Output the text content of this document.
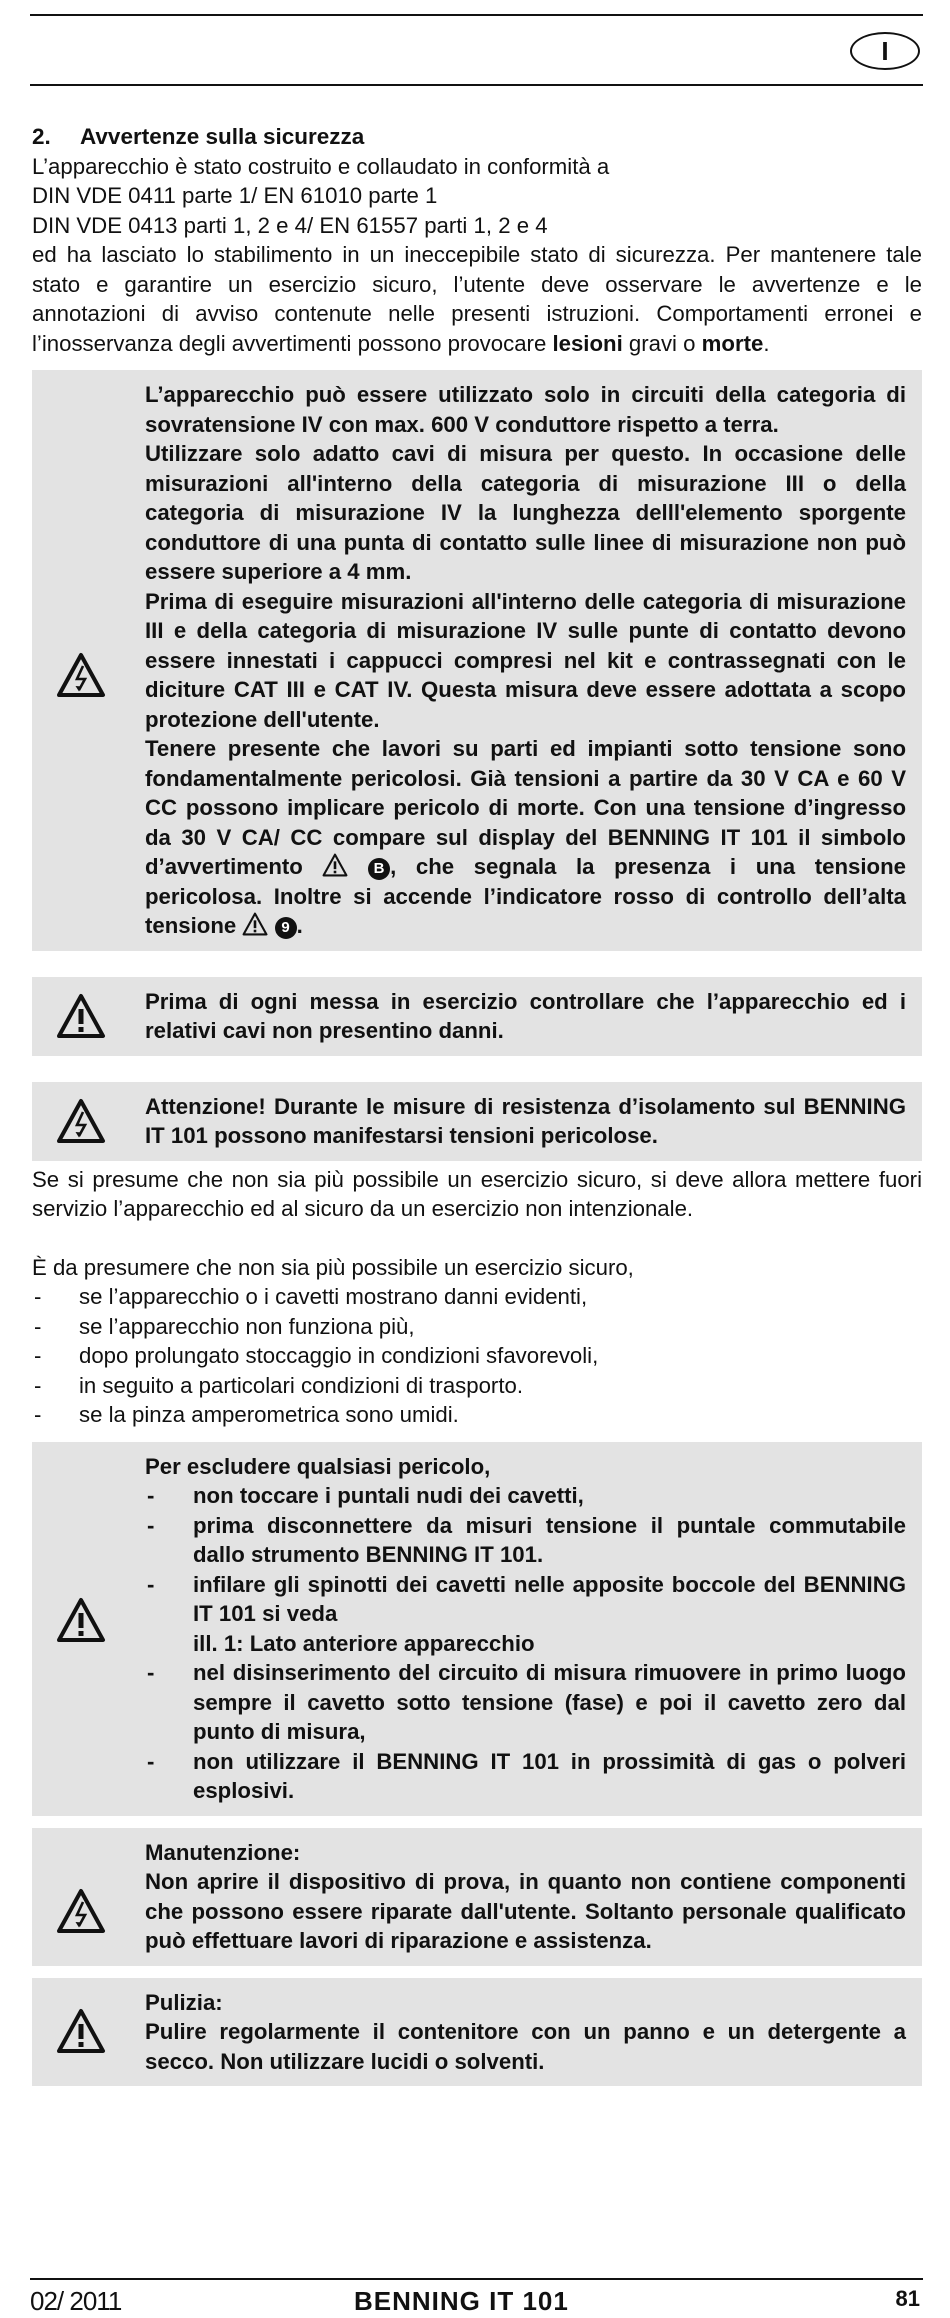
I
2. Avvertenze sulla sicurezza

L’apparecchio è stato costruito e collaudato in conformità a

DIN VDE 0411 parte 1/ EN 61010 parte 1

DIN VDE 0413 parti 1, 2 e 4/ EN 61557 parti 1, 2 e 4

ed ha lasciato lo stabilimento in un ineccepibile stato di sicurezza. Per mantenere tale stato e garantire un esercizio sicuro, l’utente deve osservare le avvertenze e le annotazioni di avviso contenute nelle presenti istruzioni. Comportamenti erronei e l’inosservanza degli avvertimenti possono provocare lesioni gravi o morte.

L’apparecchio può essere utilizzato solo in circuiti della categoria di sovratensione IV con max. 600 V conduttore rispetto a terra.

Utilizzare solo adatto cavi di misura per questo. In occasione delle misurazioni all'interno della categoria di misurazione III o della categoria di misurazione IV la lunghezza delll'elemento sporgente conduttore di una punta di contatto sulle linee di misurazione non può essere superiore a 4 mm.

Prima di eseguire misurazioni all'interno delle categoria di misurazione III e della categoria di misurazione IV sulle punte di contatto devono essere innestati i cappucci compresi nel kit e contrassegnati con le diciture CAT III e CAT IV. Questa misura deve essere adottata a scopo protezione dell'utente.

Tenere presente che lavori su parti ed impianti sotto tensione sono fondamentalmente pericolosi. Già tensioni a partire da 30 V CA e 60 V CC possono implicare pericolo di morte. Con una tensione d’ingresso da 30 V CA/ CC compare sul display del BENNING IT 101 il simbolo d’avvertimento	B , che segnala la presenza i una tensione pericolosa. Inoltre si accende l’indicatore rosso di controllo dell’alta tensione	9 .

Prima di ogni messa in esercizio controllare che l’apparecchio ed i relativi cavi non presentino danni.

Attenzione! Durante le misure di resistenza d’isolamento sul BENNING IT 101 possono manifestarsi tensioni pericolose.

Se si presume che non sia più possibile un esercizio sicuro, si deve allora mettere fuori servizio l’apparecchio ed al sicuro da un esercizio non intenzionale.

È da presumere che non sia più possibile un esercizio sicuro,

- se l’apparecchio o i cavetti mostrano danni evidenti,
- se l’apparecchio non funziona più,
- dopo prolungato stoccaggio in condizioni sfavorevoli,
- in seguito a particolari condizioni di trasporto.
- se la pinza amperometrica sono umidi.

Per escludere qualsiasi pericolo,

- non toccare i puntali nudi dei cavetti,
- prima disconnettere da misuri tensione il puntale commutabile dallo strumento BENNING IT 101.
- infilare gli spinotti dei cavetti nelle apposite boccole del BENNING IT 101 si veda
ill. 1: Lato anteriore apparecchio
- nel disinserimento del circuito di misura rimuovere in primo luogo sempre il cavetto sotto tensione (fase) e poi il cavetto zero dal punto di misura,
- non utilizzare il BENNING IT 101 in prossimità di gas o polveri esplosivi.

Manutenzione:

Non aprire il dispositivo di prova, in quanto non contiene componenti che possono essere riparate dall'utente. Soltanto personale qualificato può effettuare lavori di riparazione e assistenza.

Pulizia:

Pulire regolarmente il contenitore con un panno e un detergente a secco. Non utilizzare lucidi o solventi.

02/ 2011	BENNING IT 101	81
